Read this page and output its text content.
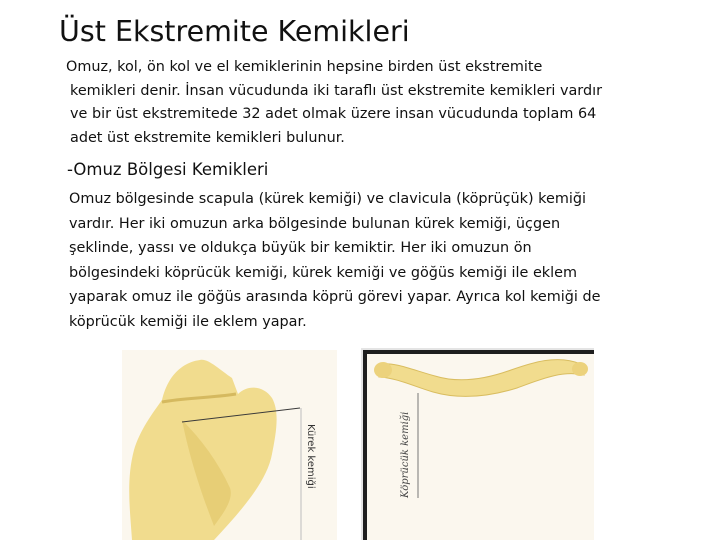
Üst Ekstremite Kemikleri
Omuz, kol, ön kol ve el kemiklerinin hepsine birden üst ekstremite
kemikleri denir. İnsan vücudunda iki taraflı üst ekstremite kemikleri vardır
ve bir üst ekstremitede 32 adet olmak üzere insan vücudunda toplam 64
adet üst ekstremite kemikleri bulunur.
-Omuz Bölgesi Kemikleri
Omuz bölgesinde scapula (kürek kemiği) ve clavicula (köprüçük) kemiği
vardır. Her iki omuzun arka bölgesinde bulunan kürek kemiği, üçgen
şeklinde, yassı ve oldukça büyük bir kemiktir. Her iki omuzun ön
bölgesindeki köprücük kemiği, kürek kemiği ve göğüs kemiği ile eklem
yaparak omuz ile göğüs arasında köprü görevi yapar. Ayrıca kol kemiği de
köprücük kemiği ile eklem yapar.
Kürek kemiği	Köprücük kemiği
